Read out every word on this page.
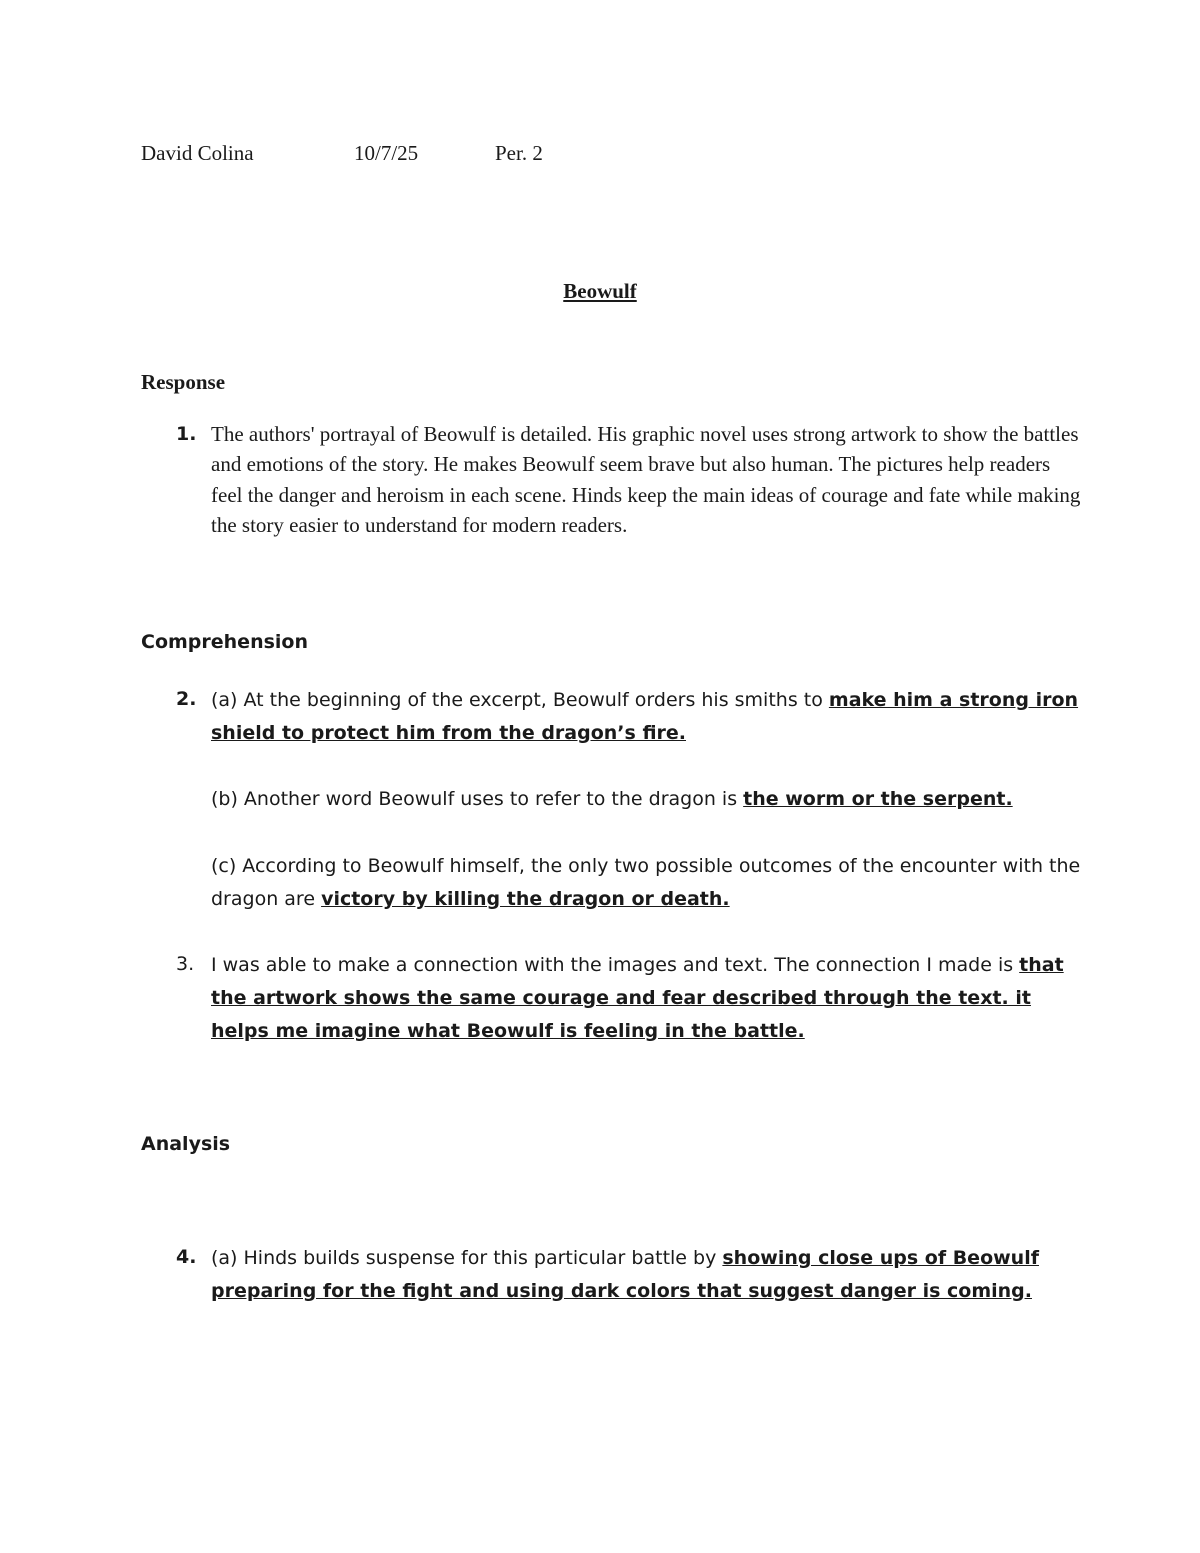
David Colina	10/7/25	Per. 2
Beowulf
Response
1. The authors' portrayal of Beowulf is detailed. His graphic novel uses strong artwork to show the battles and emotions of the story. He makes Beowulf seem brave but also human. The pictures help readers feel the danger and heroism in each scene. Hinds keep the main ideas of courage and fate while making the story easier to understand for modern readers.
Comprehension
2. (a) At the beginning of the excerpt, Beowulf orders his smiths to make him a strong iron shield to protect him from the dragon’s fire.
(b) Another word Beowulf uses to refer to the dragon is the worm or the serpent.
(c) According to Beowulf himself, the only two possible outcomes of the encounter with the dragon are victory by killing the dragon or death.
3. I was able to make a connection with the images and text. The connection I made is that the artwork shows the same courage and fear described through the text. it helps me imagine what Beowulf is feeling in the battle.
Analysis
4. (a) Hinds builds suspense for this particular battle by showing close ups of Beowulf preparing for the fight and using dark colors that suggest danger is coming.
